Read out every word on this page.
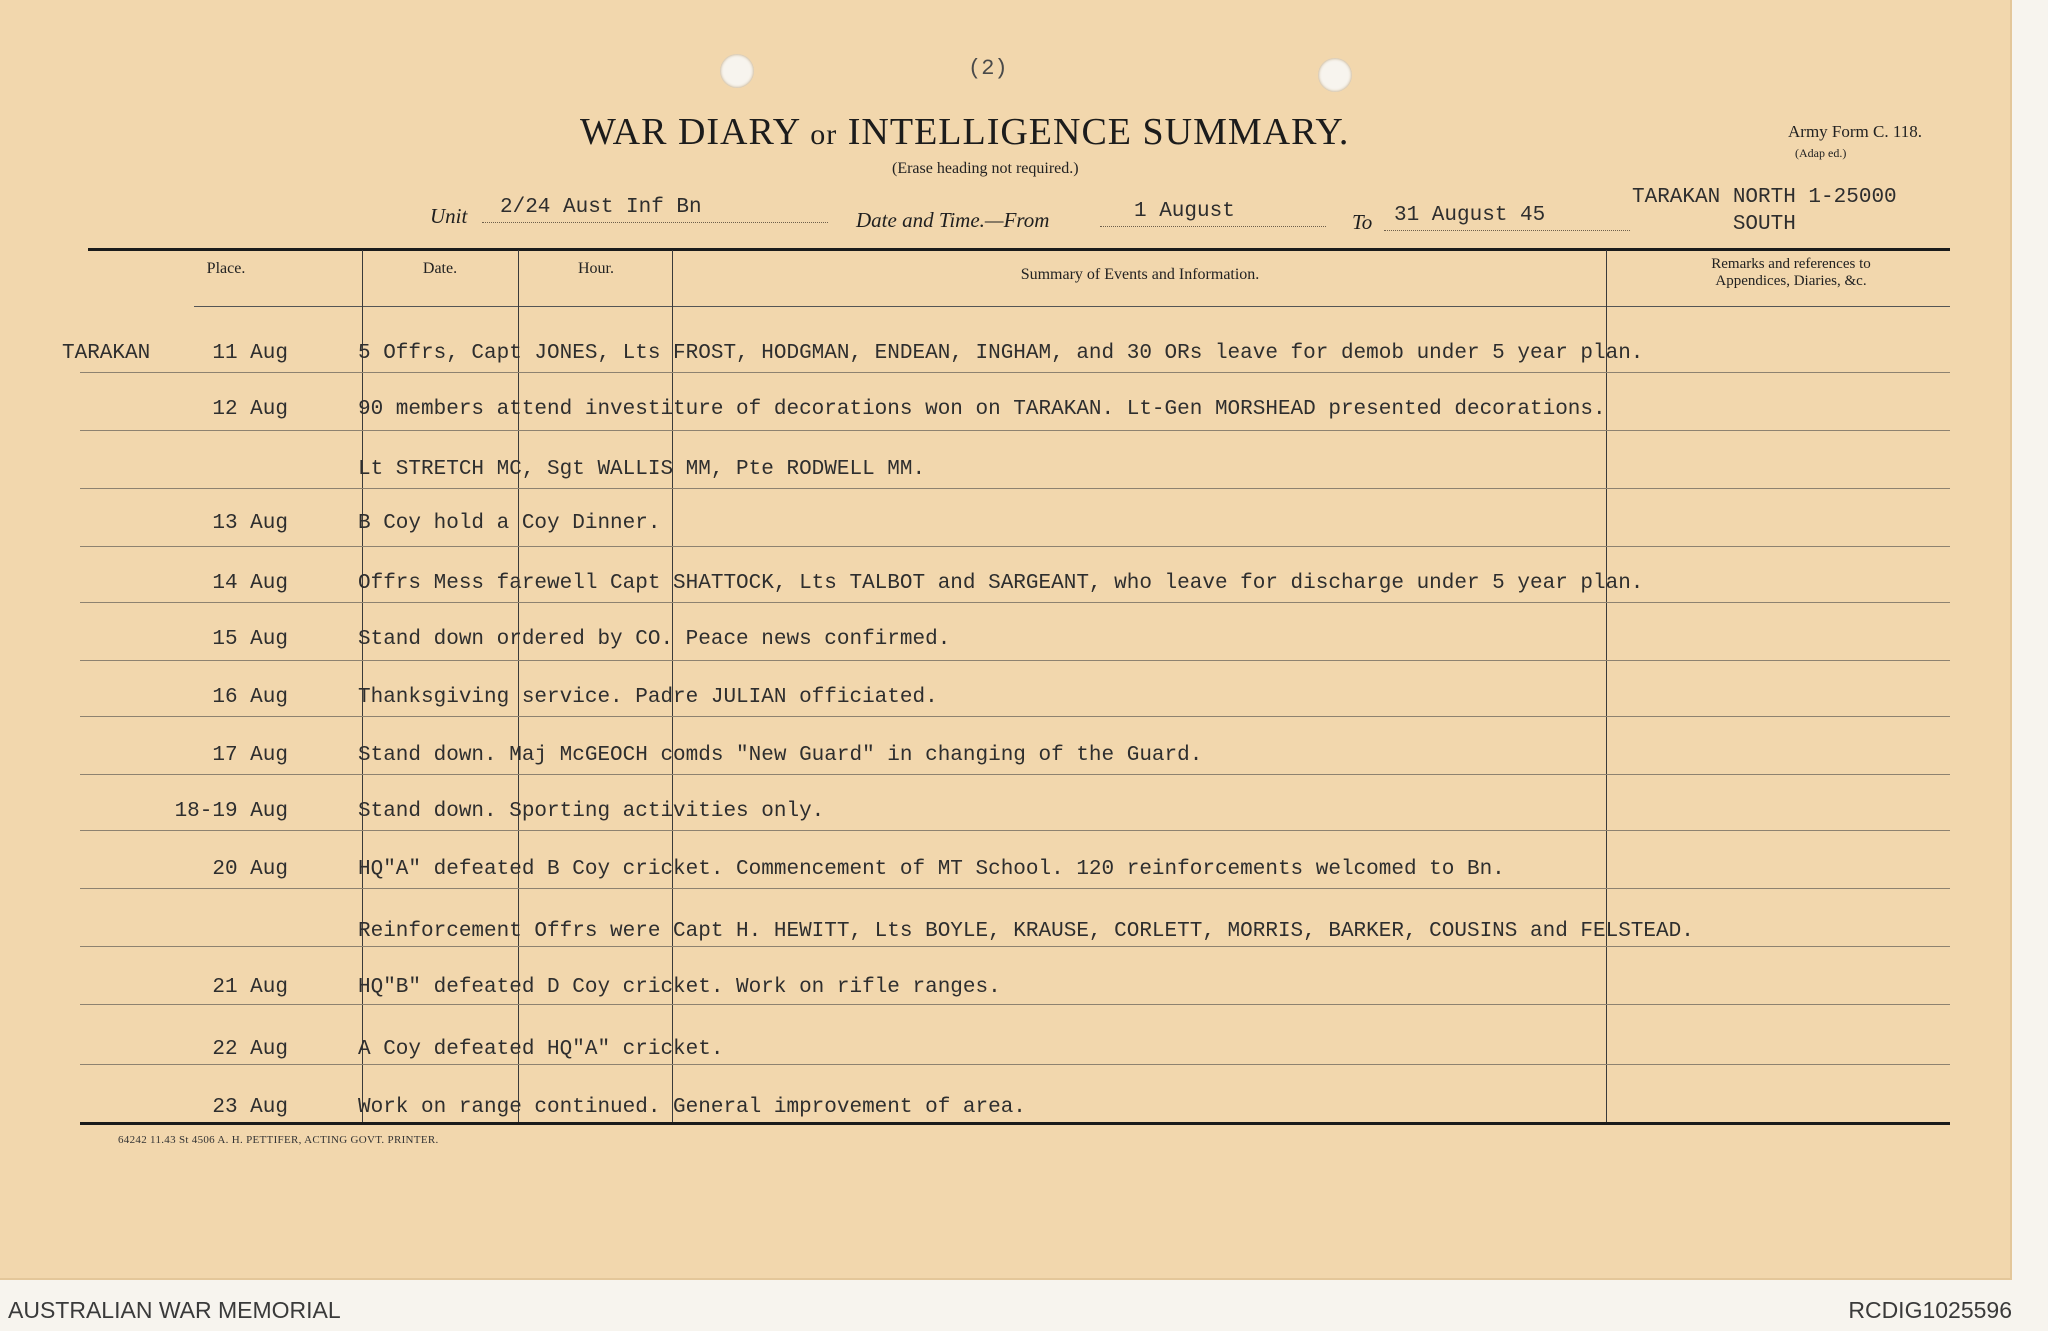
(2)
WAR DIARY or INTELLIGENCE SUMMARY.
(Erase heading not required.)
Army Form C. 118.
(Adap ed.)
Unit 2/24 Aust Inf Bn
Date and Time.—From	1 August	To 31 August 45
TARAKAN NORTH 1-25000
SOUTH
Place.	Date.	Hour.	Summary of Events and Information.
Remarks and references to
Appendices, Diaries, &c.
TARAKAN	11 Aug	5 Offrs, Capt JONES, Lts FROST, HODGMAN, ENDEAN, INGHAM, and 30 ORs leave for demob under 5 year plan.
12 Aug	90 members attend investiture of decorations won on TARAKAN. Lt-Gen MORSHEAD presented decorations.
Lt STRETCH MC, Sgt WALLIS MM, Pte RODWELL MM.
13 Aug	B Coy hold a Coy Dinner.
14 Aug	Offrs Mess farewell Capt SHATTOCK, Lts TALBOT and SARGEANT, who leave for discharge under 5 year plan.
15 Aug	Stand down ordered by CO. Peace news confirmed.
16 Aug	Thanksgiving service. Padre JULIAN officiated.
17 Aug	Stand down. Maj McGEOCH comds "New Guard" in changing of the Guard.
18-19 Aug	Stand down. Sporting activities only.
20 Aug	HQ"A" defeated B Coy cricket. Commencement of MT School. 120 reinforcements welcomed to Bn.
Reinforcement Offrs were Capt H. HEWITT, Lts BOYLE, KRAUSE, CORLETT, MORRIS, BARKER, COUSINS and FELSTEAD.
21 Aug	HQ"B" defeated D Coy cricket. Work on rifle ranges.
22 Aug	A Coy defeated HQ"A" cricket.
23 Aug	Work on range continued. General improvement of area.
64242 11.43 St 4506 A. H. PETTIFER, ACTING GOVT. PRINTER.
AUSTRALIAN WAR MEMORIAL	RCDIG1025596
